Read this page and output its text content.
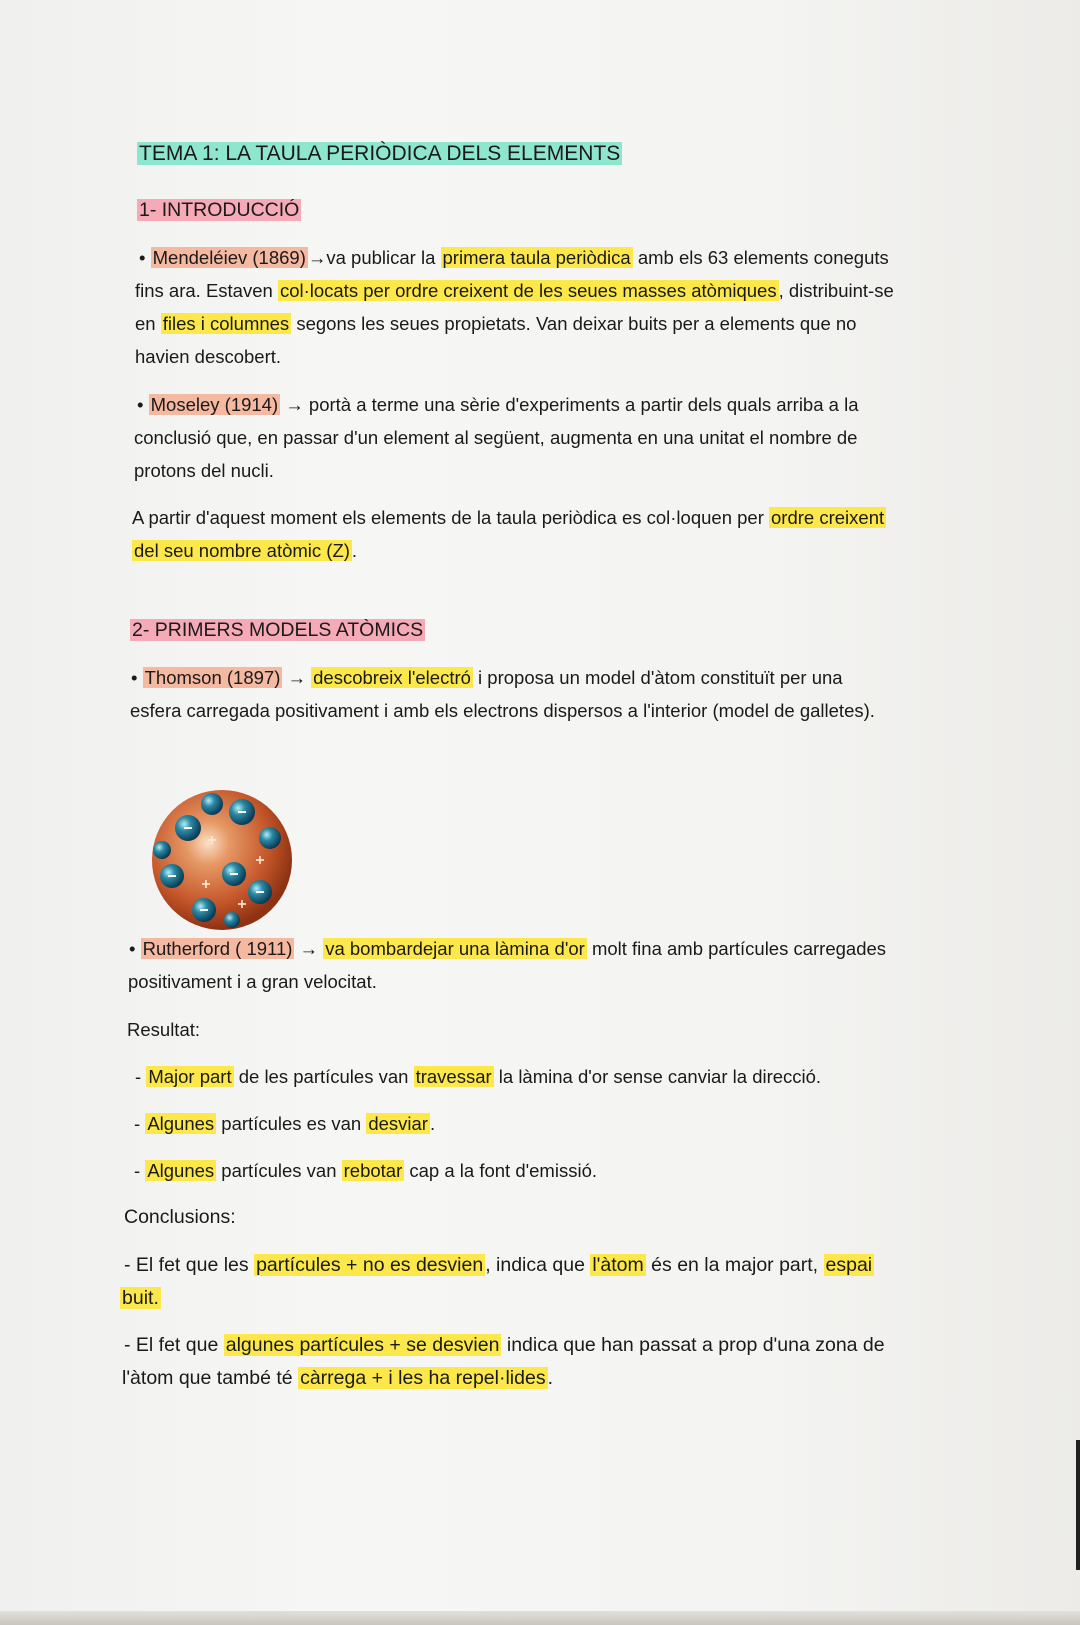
TEMA 1: LA TAULA PERIÒDICA DELS ELEMENTS
1- INTRODUCCIÓ
• Mendeléiev (1869) →va publicar la primera taula periòdica amb els 63 elements coneguts
fins ara. Estaven col·locats per ordre creixent de les seues masses atòmiques , distribuint-se
en files i columnes segons les seues propietats. Van deixar buits per a elements que no
havien descobert.
• Moseley (1914) → portà a terme una sèrie d'experiments a partir dels quals arriba a la
conclusió que, en passar d'un element al següent, augmenta en una unitat el nombre de
protons del nucli.
A partir d'aquest moment els elements de la taula periòdica es col·loquen per ordre creixent
del seu nombre atòmic (Z) .
2- PRIMERS MODELS ATÒMICS
• Thomson (1897) → descobreix l'electró i proposa un model d'àtom constituït per una
esfera carregada positivament i amb els electrons dispersos a l'interior (model de galletes).
• Rutherford ( 1911) → va bombardejar una làmina d'or molt fina amb partícules carregades
positivament i a gran velocitat.
Resultat:
- Major part de les partícules van travessar la làmina d'or sense canviar la direcció.
- Algunes partícules es van desviar .
- Algunes partícules van rebotar cap a la font d'emissió.
Conclusions:
- El fet que les partícules + no es desvien , indica que l'àtom és en la major part, espai
buit.
- El fet que algunes partícules + se desvien indica que han passat a prop d'una zona de
l'àtom que també té càrrega + i les ha repel·lides .
